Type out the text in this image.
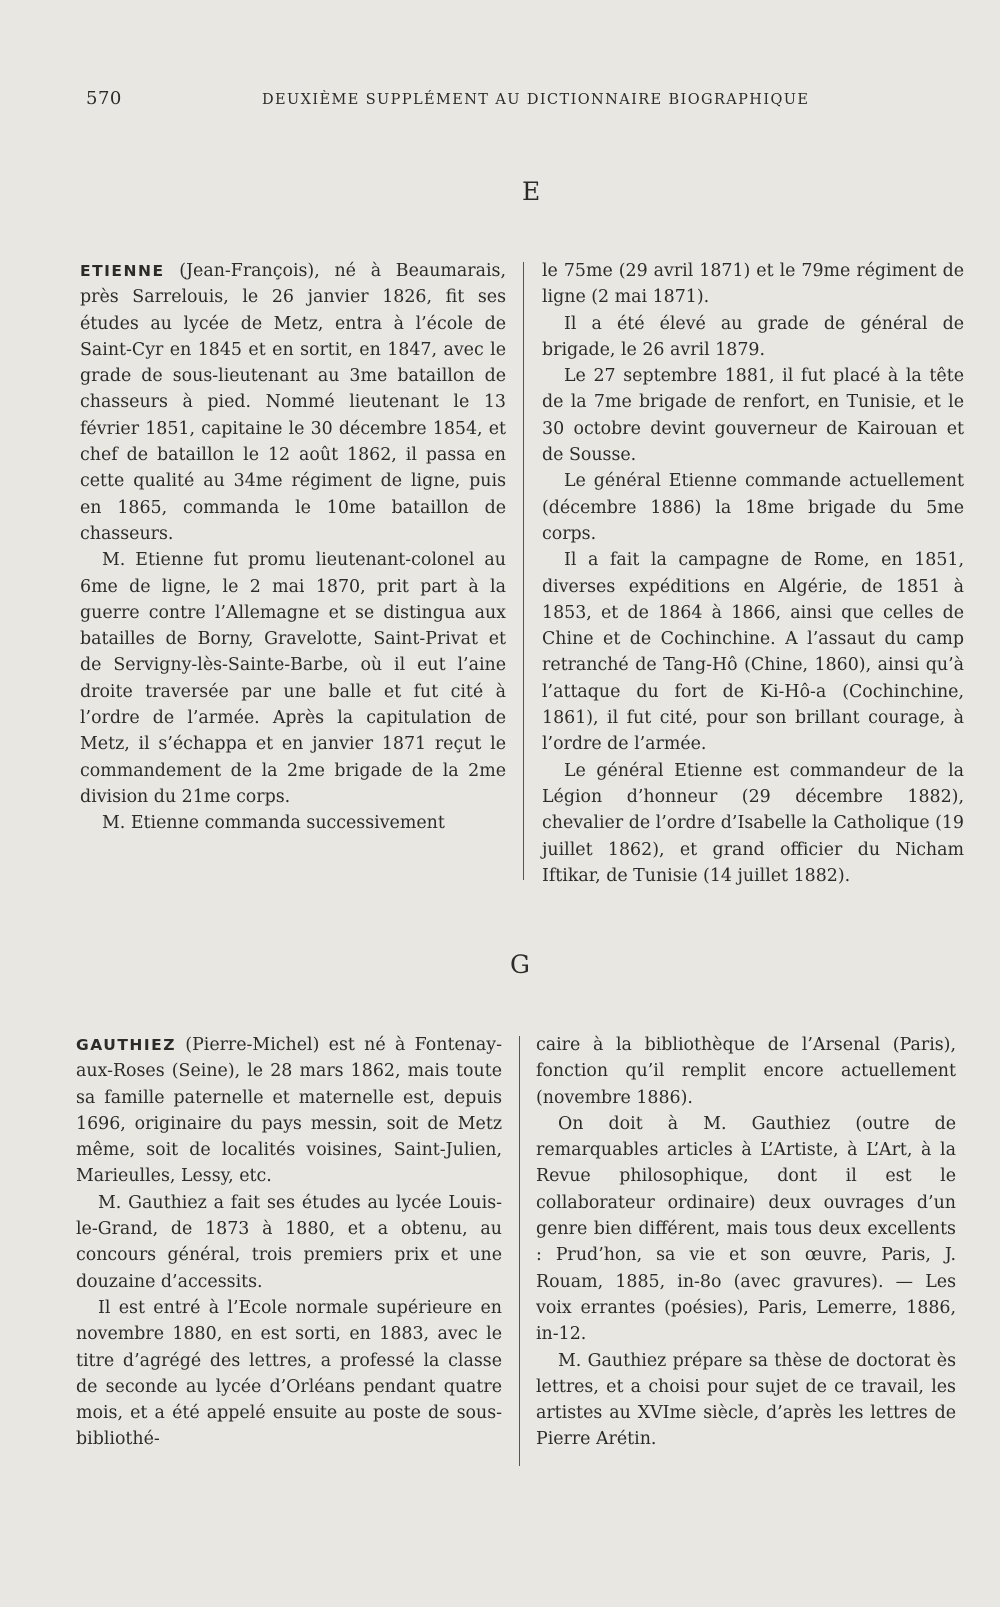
570	DEUXIÈME SUPPLÉMENT AU DICTIONNAIRE BIOGRAPHIQUE
E

ETIENNE (Jean-François), né à Beaumarais, près Sarrelouis, le 26 janvier 1826, fit ses études au lycée de Metz, entra à l’école de Saint-Cyr en 1845 et en sortit, en 1847, avec le grade de sous-lieutenant au 3me bataillon de chasseurs à pied. Nommé lieutenant le 13 février 1851, capitaine le 30 décembre 1854, et chef de bataillon le 12 août 1862, il passa en cette qualité au 34me régiment de ligne, puis en 1865, commanda le 10me bataillon de chasseurs.

M. Etienne fut promu lieutenant-colonel au 6me de ligne, le 2 mai 1870, prit part à la guerre contre l’Allemagne et se distingua aux batailles de Borny, Gravelotte, Saint-Privat et de Servigny-lès-Sainte-Barbe, où il eut l’aine droite traversée par une balle et fut cité à l’ordre de l’armée. Après la capitulation de Metz, il s’échappa et en janvier 1871 reçut le commandement de la 2me brigade de la 2me division du 21me corps.

M. Etienne commanda successivement

le 75me (29 avril 1871) et le 79me régiment de ligne (2 mai 1871).

Il a été élevé au grade de général de brigade, le 26 avril 1879.

Le 27 septembre 1881, il fut placé à la tête de la 7me brigade de renfort, en Tunisie, et le 30 octobre devint gouverneur de Kairouan et de Sousse.

Le général Etienne commande actuellement (décembre 1886) la 18me brigade du 5me corps.

Il a fait la campagne de Rome, en 1851, diverses expéditions en Algérie, de 1851 à 1853, et de 1864 à 1866, ainsi que celles de Chine et de Cochinchine. A l’assaut du camp retranché de Tang-Hô (Chine, 1860), ainsi qu’à l’attaque du fort de Ki-Hô-a (Cochinchine, 1861), il fut cité, pour son brillant courage, à l’ordre de l’armée.

Le général Etienne est commandeur de la Légion d’honneur (29 décembre 1882), chevalier de l’ordre d’Isabelle la Catholique (19 juillet 1862), et grand officier du Nicham Iftikar, de Tunisie (14 juillet 1882).

G

GAUTHIEZ (Pierre-Michel) est né à Fontenay-aux-Roses (Seine), le 28 mars 1862, mais toute sa famille paternelle et maternelle est, depuis 1696, originaire du pays messin, soit de Metz même, soit de localités voisines, Saint-Julien, Marieulles, Lessy, etc.

M. Gauthiez a fait ses études au lycée Louis-le-Grand, de 1873 à 1880, et a obtenu, au concours général, trois premiers prix et une douzaine d’accessits.

Il est entré à l’Ecole normale supérieure en novembre 1880, en est sorti, en 1883, avec le titre d’agrégé des lettres, a professé la classe de seconde au lycée d’Orléans pendant quatre mois, et a été appelé ensuite au poste de sous-bibliothé-

caire à la bibliothèque de l’Arsenal (Paris), fonction qu’il remplit encore actuellement (novembre 1886).

On doit à M. Gauthiez (outre de remarquables articles à L’Artiste, à L’Art, à la Revue philosophique, dont il est le collaborateur ordinaire) deux ouvrages d’un genre bien différent, mais tous deux excellents : Prud’hon, sa vie et son œuvre, Paris, J. Rouam, 1885, in-8o (avec gravures). — Les voix errantes (poésies), Paris, Lemerre, 1886, in-12.

M. Gauthiez prépare sa thèse de doctorat ès lettres, et a choisi pour sujet de ce travail, les artistes au XVIme siècle, d’après les lettres de Pierre Arétin.
